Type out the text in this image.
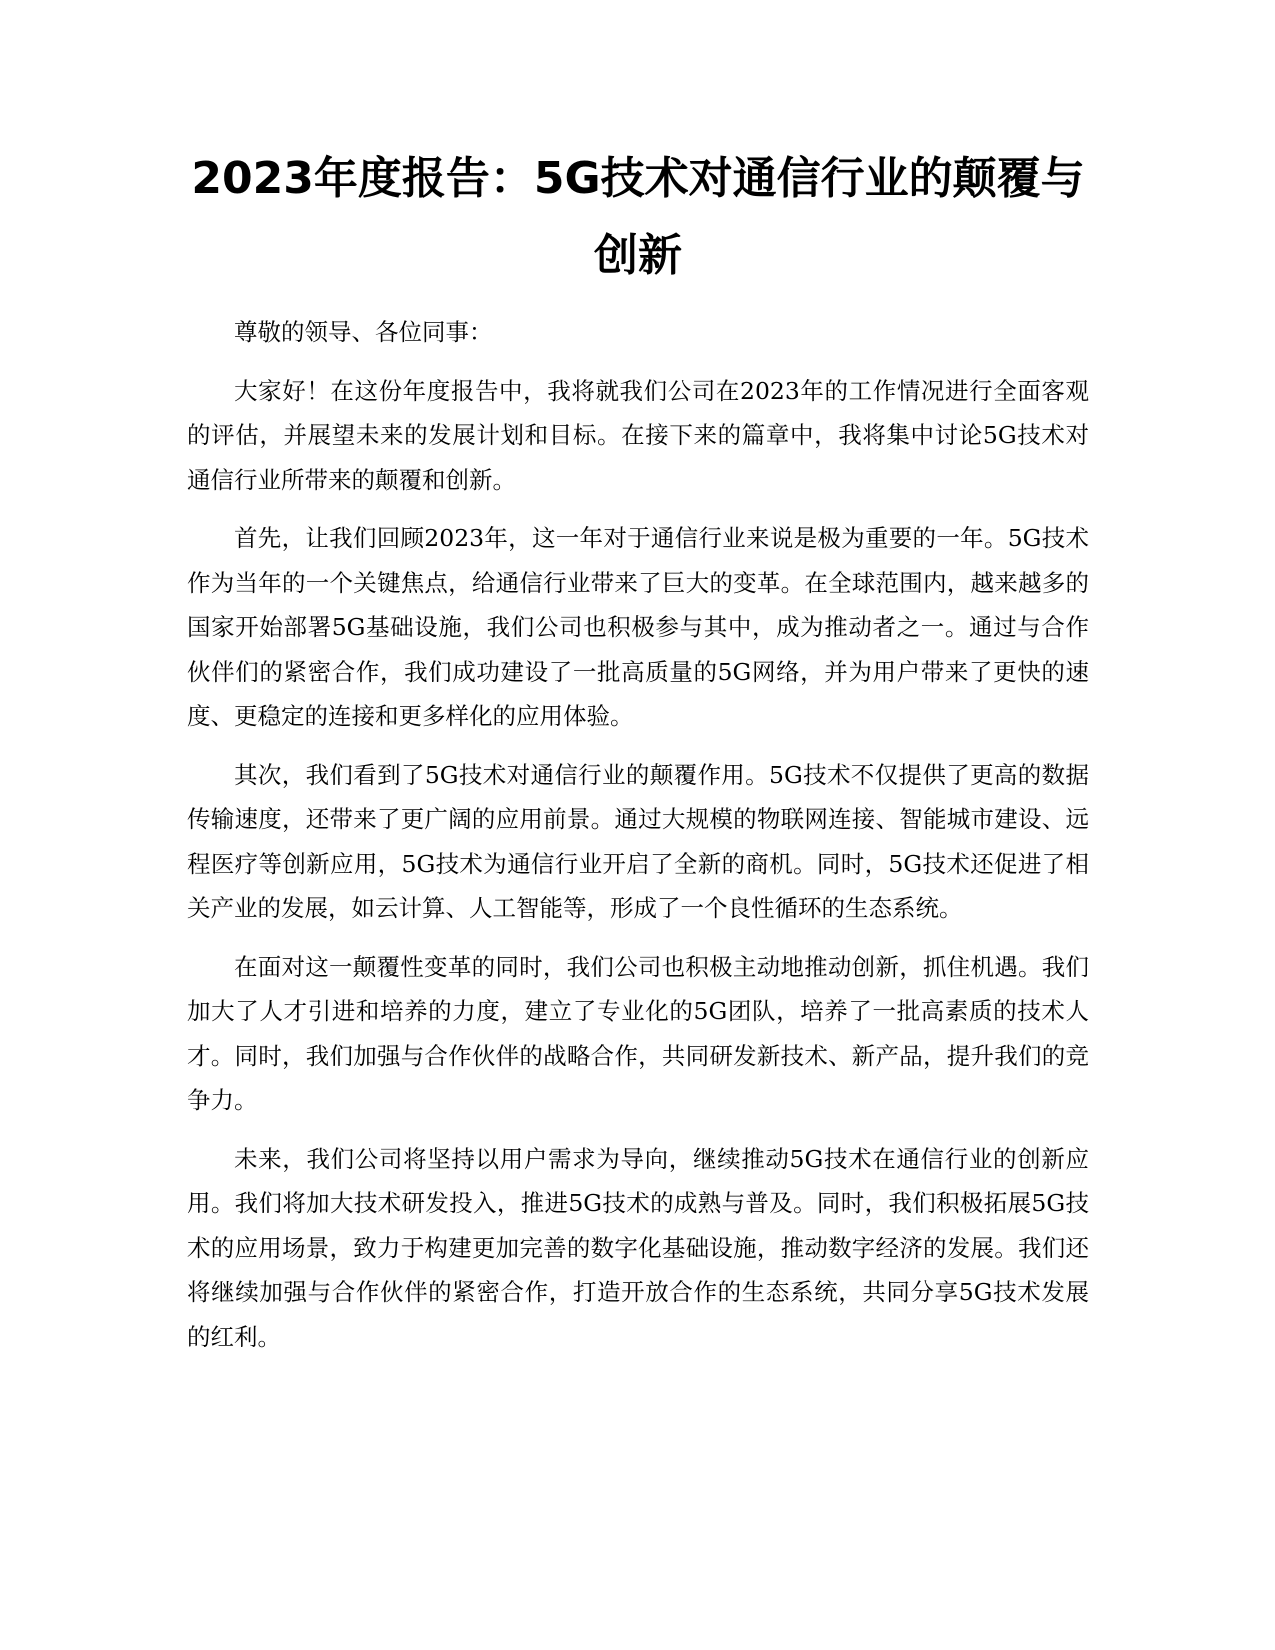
2023年度报告：5G技术对通信行业的颠覆与创新

尊敬的领导、各位同事：

大家好！在这份年度报告中，我将就我们公司在2023年的工作情况进行全面客观的评估，并展望未来的发展计划和目标。在接下来的篇章中，我将集中讨论5G技术对通信行业所带来的颠覆和创新。

首先，让我们回顾2023年，这一年对于通信行业来说是极为重要的一年。5G技术作为当年的一个关键焦点，给通信行业带来了巨大的变革。在全球范围内，越来越多的国家开始部署5G基础设施，我们公司也积极参与其中，成为推动者之一。通过与合作伙伴们的紧密合作，我们成功建设了一批高质量的5G网络，并为用户带来了更快的速度、更稳定的连接和更多样化的应用体验。

其次，我们看到了5G技术对通信行业的颠覆作用。5G技术不仅提供了更高的数据传输速度，还带来了更广阔的应用前景。通过大规模的物联网连接、智能城市建设、远程医疗等创新应用，5G技术为通信行业开启了全新的商机。同时，5G技术还促进了相关产业的发展，如云计算、人工智能等，形成了一个良性循环的生态系统。

在面对这一颠覆性变革的同时，我们公司也积极主动地推动创新，抓住机遇。我们加大了人才引进和培养的力度，建立了专业化的5G团队，培养了一批高素质的技术人才。同时，我们加强与合作伙伴的战略合作，共同研发新技术、新产品，提升我们的竞争力。

未来，我们公司将坚持以用户需求为导向，继续推动5G技术在通信行业的创新应用。我们将加大技术研发投入，推进5G技术的成熟与普及。同时，我们积极拓展5G技术的应用场景，致力于构建更加完善的数字化基础设施，推动数字经济的发展。我们还将继续加强与合作伙伴的紧密合作，打造开放合作的生态系统，共同分享5G技术发展的红利。
